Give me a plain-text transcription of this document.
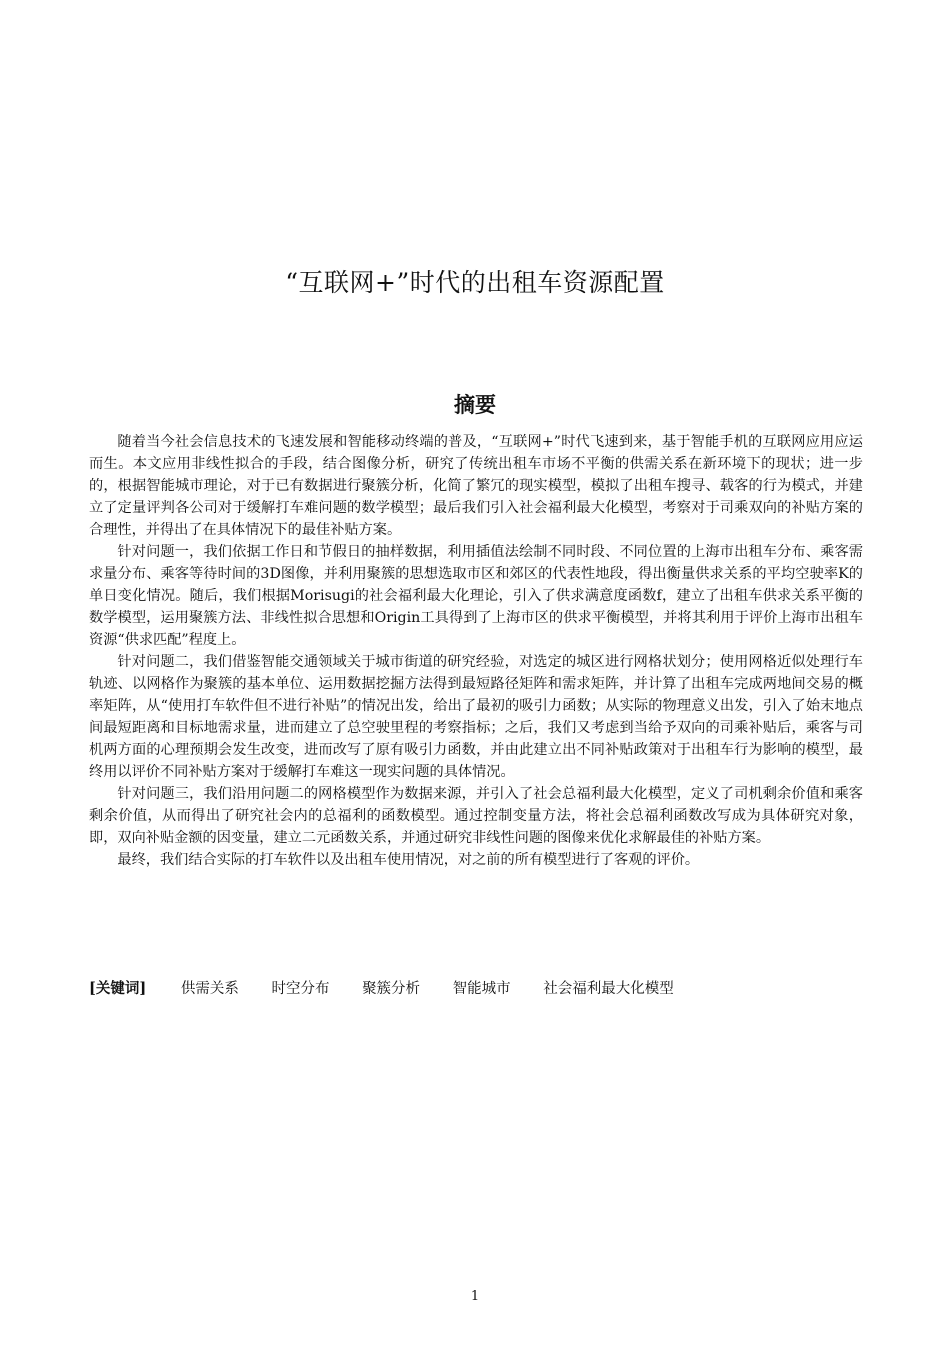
“互联网+”时代的出租车资源配置
摘要

随着当今社会信息技术的飞速发展和智能移动终端的普及，“互联网+”时代飞速到来，基于智能手机的互联网应用应运而生。本文应用非线性拟合的手段，结合图像分析，研究了传统出租车市场不平衡的供需关系在新环境下的现状；进一步的，根据智能城市理论，对于已有数据进行聚簇分析，化简了繁冗的现实模型，模拟了出租车搜寻、载客的行为模式，并建立了定量评判各公司对于缓解打车难问题的数学模型；最后我们引入社会福利最大化模型，考察对于司乘双向的补贴方案的合理性，并得出了在具体情况下的最佳补贴方案。

针对问题一，我们依据工作日和节假日的抽样数据，利用插值法绘制不同时段、不同位置的上海市出租车分布、乘客需求量分布、乘客等待时间的3D图像，并利用聚簇的思想选取市区和郊区的代表性地段，得出衡量供求关系的平均空驶率K的单日变化情况。随后，我们根据Morisugi的社会福利最大化理论，引入了供求满意度函数f，建立了出租车供求关系平衡的数学模型，运用聚簇方法、非线性拟合思想和Origin工具得到了上海市区的供求平衡模型，并将其利用于评价上海市出租车资源“供求匹配”程度上。

针对问题二，我们借鉴智能交通领域关于城市街道的研究经验，对选定的城区进行网格状划分；使用网格近似处理行车轨迹、以网格作为聚簇的基本单位、运用数据挖掘方法得到最短路径矩阵和需求矩阵，并计算了出租车完成两地间交易的概率矩阵，从“使用打车软件但不进行补贴”的情况出发，给出了最初的吸引力函数；从实际的物理意义出发，引入了始末地点间最短距离和目标地需求量，进而建立了总空驶里程的考察指标；之后，我们又考虑到当给予双向的司乘补贴后，乘客与司机两方面的心理预期会发生改变，进而改写了原有吸引力函数，并由此建立出不同补贴政策对于出租车行为影响的模型，最终用以评价不同补贴方案对于缓解打车难这一现实问题的具体情况。

针对问题三，我们沿用问题二的网格模型作为数据来源，并引入了社会总福利最大化模型，定义了司机剩余价值和乘客剩余价值，从而得出了研究社会内的总福利的函数模型。通过控制变量方法，将社会总福利函数改写成为具体研究对象，即，双向补贴金额的因变量，建立二元函数关系，并通过研究非线性问题的图像来优化求解最佳的补贴方案。

最终，我们结合实际的打车软件以及出租车使用情况，对之前的所有模型进行了客观的评价。

[关键词] 供需关系 时空分布 聚簇分析 智能城市 社会福利最大化模型
1
